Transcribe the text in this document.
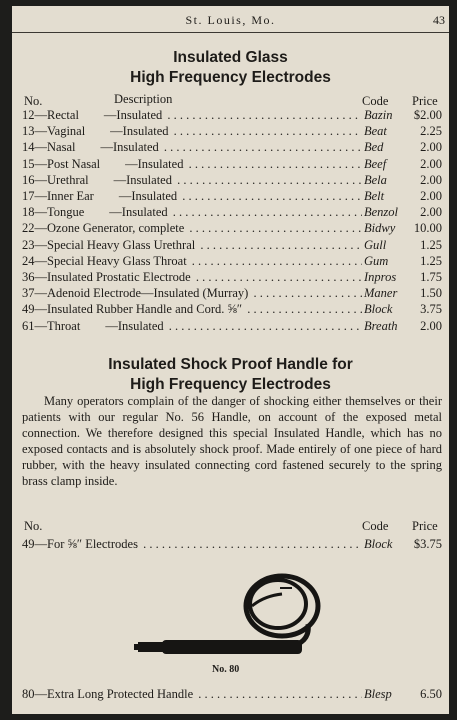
St. Louis, Mo.	43
Insulated Glass
High Frequency Electrodes
No.	Description	Code Price
12—Rectal  —Insulated . . .	Bazin	$2.00
13—Vaginal  —Insulated . . .	Beat	2.25
14—Nasal  —Insulated . . .	Bed	2.00
15—Post Nasal  —Insulated . . .	Beef	2.00
16—Urethral  —Insulated . . .	Bela	2.00
17—Inner Ear  —Insulated . . .	Belt	2.00
18—Tongue  —Insulated . . .	Benzol	2.00
22—Ozone Generator, complete . . .	Bidwy	10.00
23—Special Heavy Glass Urethral . . .	Gull	1.25
24—Special Heavy Glass Throat . . .	Gum	1.25
36—Insulated Prostatic Electrode . . .	Inpros	1.75
37—Adenoid Electrode—Insulated (Murray) . . .	Maner	1.50
49—Insulated Rubber Handle and Cord. ⅝″ . . .	Block	3.75
61—Throat  —Insulated . . .	Breath	2.00
Insulated Shock Proof Handle for
High Frequency Electrodes
Many operators complain of the danger of shocking either themselves or their patients with our regular No. 56 Handle, on account of the exposed metal connection. We therefore designed this special Insulated Handle, which has no exposed contacts and is absolutely shock proof. Made entirely of one piece of hard rubber, with the heavy insulated connecting cord fastened securely to the spring brass clamp inside.
No.	Code Price
49—For ⅝″ Electrodes . . .	Block	$3.75
No. 80
80—Extra Long Protected Handle . . .	Blesp	6.50
